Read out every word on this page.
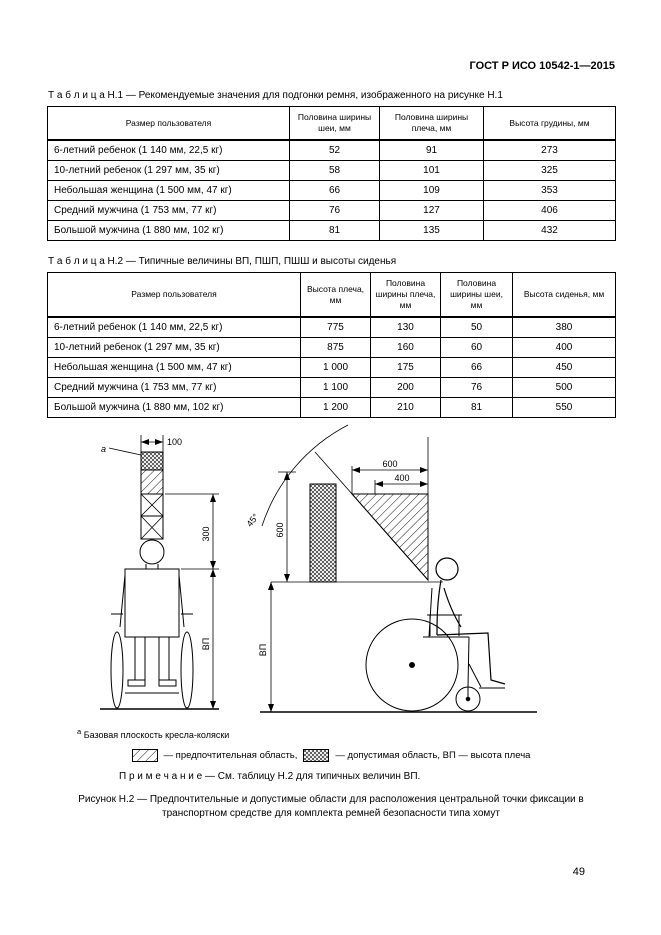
ГОСТ Р ИСО 10542-1—2015

Т а б л и ц а Н.1 — Рекомендуемые значения для подгонки ремня, изображенного на рисунке Н.1

Размер пользователя	Половина ширины шеи, мм	Половина ширины плеча, мм	Высота грудины, мм
6-летний ребенок (1 140 мм, 22,5 кг)	52	91	273
10-летний ребенок (1 297 мм, 35 кг)	58	101	325
Небольшая женщина (1 500 мм, 47 кг)	66	109	353
Средний мужчина (1 753 мм, 77 кг)	76	127	406
Большой мужчина (1 880 мм, 102 кг)	81	135	432

Т а б л и ц а Н.2 — Типичные величины ВП, ПШП, ПШШ и высоты сиденья

Размер пользователя	Высота плеча, мм	Половина ширины плеча, мм	Половина ширины шеи, мм	Высота сиденья, мм
6-летний ребенок (1 140 мм, 22,5 кг)	775	130	50	380
10-летний ребенок (1 297 мм, 35 кг)	875	160	60	400
Небольшая женщина (1 500 мм, 47 кг)	1 000	175	66	450
Средний мужчина (1 753 мм, 77 кг)	1 100	200	76	500
Большой мужчина (1 880 мм, 102 кг)	1 200	210	81	550
100
а
300
ВП	ВП
600
45°
600
400

$^а$ Базовая плоскость кресла-коляски

— предпочтительная область,	— допустимая область, ВП — высота плеча

П р и м е ч а н и е — См. таблицу Н.2 для типичных величин ВП.

Рисунок Н.2 — Предпочтительные и допустимые области для расположения центральной точки фиксации в транспортном средстве для комплекта ремней безопасности типа хомут

49
